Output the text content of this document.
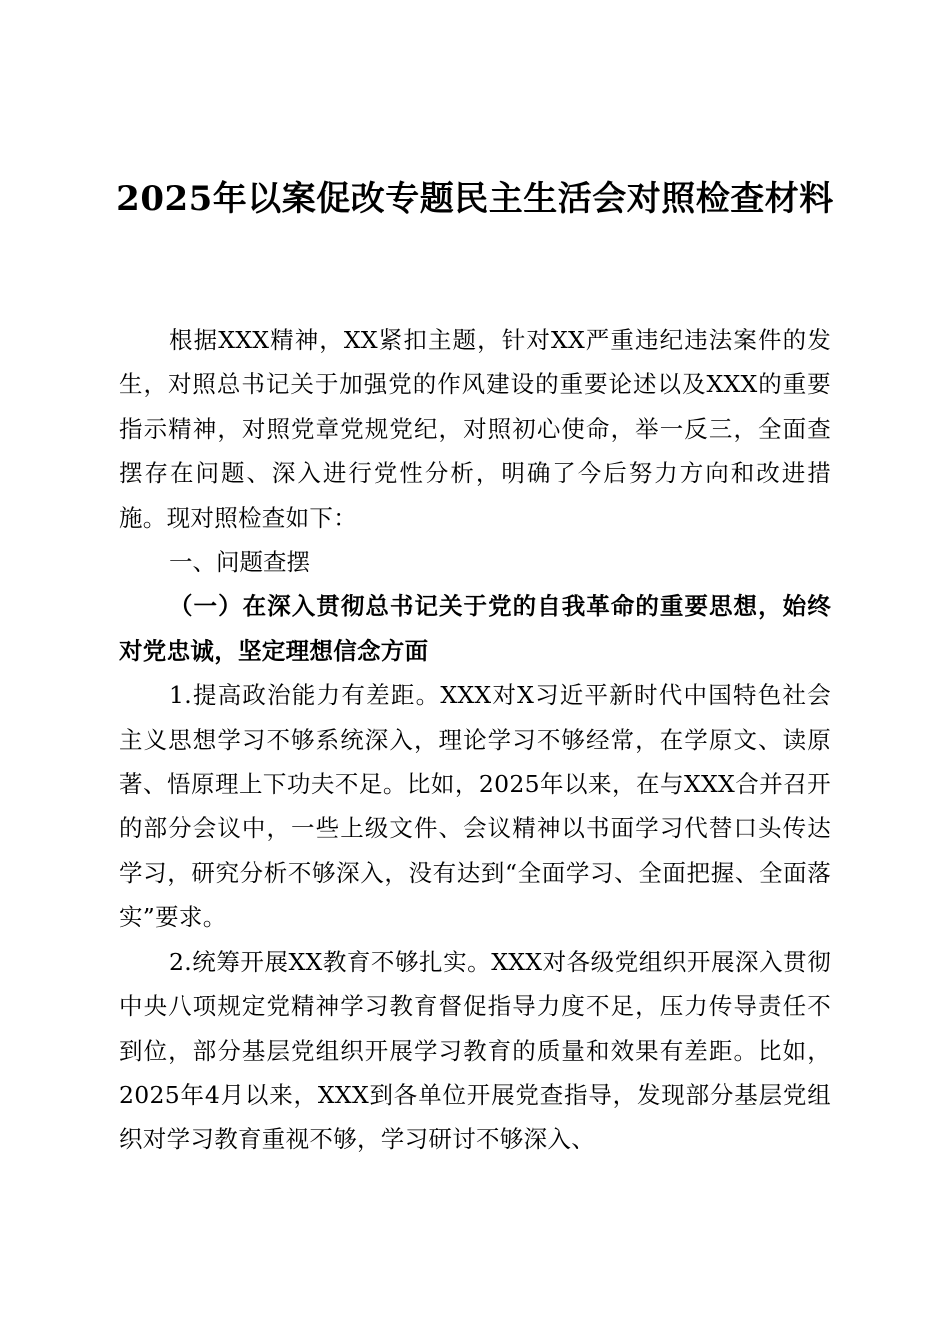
2025年以案促改专题民主生活会对照检查材料

根据XXX精神，XX紧扣主题，针对XX严重违纪违法案件的发生，对照总书记关于加强党的作风建设的重要论述以及XXX的重要指示精神，对照党章党规党纪，对照初心使命，举一反三，全面查摆存在问题、深入进行党性分析，明确了今后努力方向和改进措施。现对照检查如下：

一、问题查摆

（一）在深入贯彻总书记关于党的自我革命的重要思想，始终对党忠诚，坚定理想信念方面

1.提高政治能力有差距。XXX对X习近平新时代中国特色社会主义思想学习不够系统深入，理论学习不够经常，在学原文、读原著、悟原理上下功夫不足。比如，2025年以来，在与XXX合并召开的部分会议中，一些上级文件、会议精神以书面学习代替口头传达学习，研究分析不够深入，没有达到“全面学习、全面把握、全面落实”要求。

2.统筹开展XX教育不够扎实。XXX对各级党组织开展深入贯彻中央八项规定党精神学习教育督促指导力度不足，压力传导责任不到位，部分基层党组织开展学习教育的质量和效果有差距。比如，2025年4月以来，XXX到各单位开展党查指导，发现部分基层党组织对学习教育重视不够，学习研讨不够深入、
